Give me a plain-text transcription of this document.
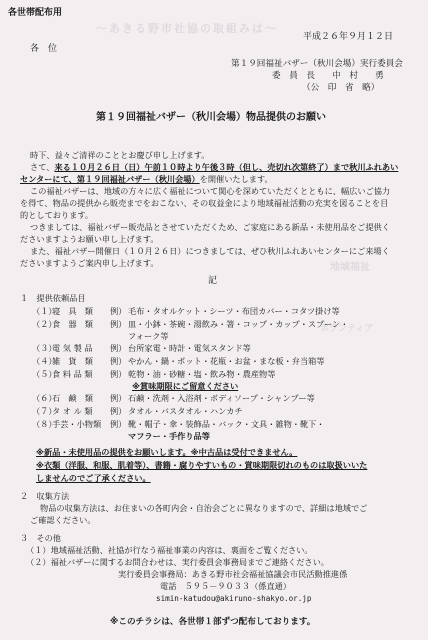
〜あきる野市社協の取組みは〜
地域福祉
ボランティア
各世帯配布用
各　位
平成２６年９月１２日
第１９回福祉バザー（秋川会場）実行委員会
委　員　長　　中　村　　勇
（公　印　省　略）
第１９回福祉バザー（秋川会場）物品提供のお願い
時下、益々ご清祥のこととお慶び申し上げます。
さて、来る１０月２６日（日）午前１０時より午後３時（但し、売切れ次第終了）まで秋川ふれあい
センターにて、第１９回福祉バザー（秋川会場）を開催いたします。
この福祉バザーは、地域の方々に広く福祉について関心を深めていただくとともに、幅広いご協力
を得て、物品の提供から販売までをおこない、その収益金により地域福祉活動の充実を図ることを目
的としております。
つきましては、福祉バザー販売品とさせていただくため、ご家庭にある新品・未使用品をご提供く
ださいますようお願い申し上げます。
また、福祉バザー開催日（１０月２６日）につきましては、ぜひ秋川ふれあいセンターにご来場く
ださいますようご案内申し上げます。
記
１　提供依頼品目
（１）寝　具　類 例） 毛布・タオルケット・シーツ・布団カバー・コタツ掛け等
（２）食　器　類 例） 皿・小鉢・茶碗・湯飲み・箸・コップ・カップ・スプーン・
フォーク等
（３）電 気 製 品 例） 台所家電・時計・電気スタンド等
（４）雑　貨　類 例） やかん・鍋・ポット・花瓶・お盆・まな板・弁当箱等
（５）食 料 品 類 例） 乾物・油・砂糖・塩・飲み物・農産物等
※賞味期限にご留意ください
（６）石　鹸　類 例） 石鹸・洗剤・入浴剤・ボディソープ・シャンプー等
（７）タ オ ル 類 例） タオル・バスタオル・ハンカチ
（８）手芸・小物類 例） 靴・帽子・傘・装飾品・バック・文具・雑物・靴下・
マフラー・手作り品等
※新品・未使用品の提供をお願いします。※中古品は受付できません。
※衣類（洋服、和服、肌着等）、書籍・腐りやすいもの・賞味期限切れのものは取扱いいた
しませんのでご了承ください。
２　収集方法
物品の収集方法は、お住まいの各町内会・自治会ごとに異なりますので、詳細は地域でご
ご確認ください。
３　その他
（１）地域福祉活動、社協が行なう福祉事業の内容は、裏面をご覧ください。
（２）福祉バザーに関するお問合わせは、実行委員会事務局までご連絡ください。
実行委員会事務局：あきる野市社会福祉協議会市民活動推進係
電話　５９５－９０３３（係直通）
simin-katudou@akiruno-shakyo.or.jp
※このチラシは、各世帯１部ずつ配布しております。
